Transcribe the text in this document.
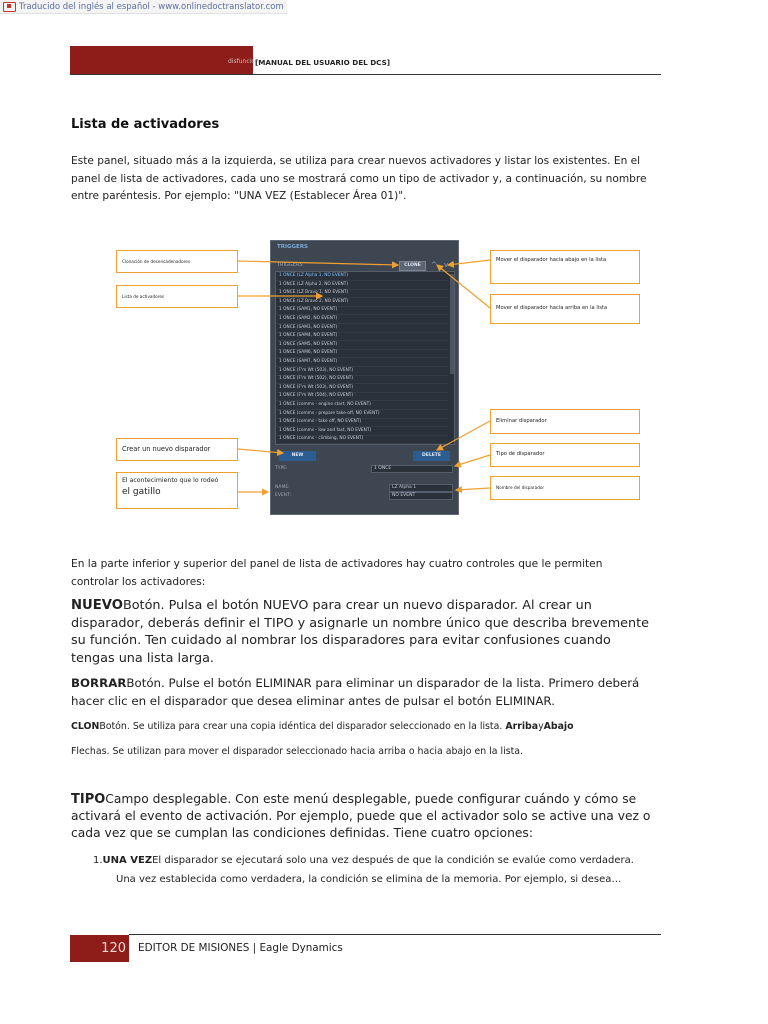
Traducido del inglés al español - www.onlinedoctranslator.com
disfunción
[MANUAL DEL USUARIO DEL DCS]
Lista de activadores
Este panel, situado más a la izquierda, se utiliza para crear nuevos activadores y listar los existentes. En el panel de lista de activadores, cada uno se mostrará como un tipo de activador y, a continuación, su nombre entre paréntesis. Por ejemplo: "UNA VEZ (Establecer Área 01)".
TRIGGERS
TRIGGERS	CLONE	^ v
1 ONCE (LZ Alpha 1, NO EVENT)
1 ONCE (LZ Alpha 2, NO EVENT)
1 ONCE (LZ Bravo 1, NO EVENT)
1 ONCE (LZ Bravo 2, NO EVENT)
1 ONCE (SAM1, NO EVENT)
1 ONCE (SAM2, NO EVENT)
1 ONCE (SAM3, NO EVENT)
1 ONCE (SAM4, NO EVENT)
1 ONCE (SAM5, NO EVENT)
1 ONCE (SAM6, NO EVENT)
1 ONCE (SAM7, NO EVENT)
1 ONCE (F'm Wt (503), NO EVENT)
1 ONCE (F'm Wt (502), NO EVENT)
1 ONCE (F'm Wt (503), NO EVENT)
1 ONCE (F'm Wt (504), NO EVENT)
1 ONCE (comms - engine start, NO EVENT)
1 ONCE (comms - prepare take-off, NO EVENT)
1 ONCE (comms - take off, NO EVENT)
1 ONCE (comms - low and fast, NO EVENT)
1 ONCE (comms - climbing, NO EVENT)
NEW	DELETE
TYPE:	1 ONCE
NAME:	LZ Alpha 1
EVENT:	NO EVENT
Clonación de desencadenadores
Lista de activadores
Crear un nuevo disparador
El acontecimiento que lo rodeó
el gatillo
Mover el disparador hacia abajo en la lista
Mover el disparador hacia arriba en la lista
Eliminar disparador
Tipo de disparador
Nombre del disparador
En la parte inferior y superior del panel de lista de activadores hay cuatro controles que le permiten controlar los activadores:
NUEVOBotón. Pulsa el botón NUEVO para crear un nuevo disparador. Al crear un disparador, deberás definir el TIPO y asignarle un nombre único que describa brevemente su función. Ten cuidado al nombrar los disparadores para evitar confusiones cuando tengas una lista larga.
BORRARBotón. Pulse el botón ELIMINAR para eliminar un disparador de la lista. Primero deberá hacer clic en el disparador que desea eliminar antes de pulsar el botón ELIMINAR.
CLONBotón. Se utiliza para crear una copia idéntica del disparador seleccionado en la lista. ArribayAbajo
Flechas. Se utilizan para mover el disparador seleccionado hacia arriba o hacia abajo en la lista.
TIPOCampo desplegable. Con este menú desplegable, puede configurar cuándo y cómo se activará el evento de activación. Por ejemplo, puede que el activador solo se active una vez o cada vez que se cumplan las condiciones definidas. Tiene cuatro opciones:
1.UNA VEZEl disparador se ejecutará solo una vez después de que la condición se evalúe como verdadera.
Una vez establecida como verdadera, la condición se elimina de la memoria. Por ejemplo, si desea…
120 EDITOR DE MISIONES | Eagle Dynamics
